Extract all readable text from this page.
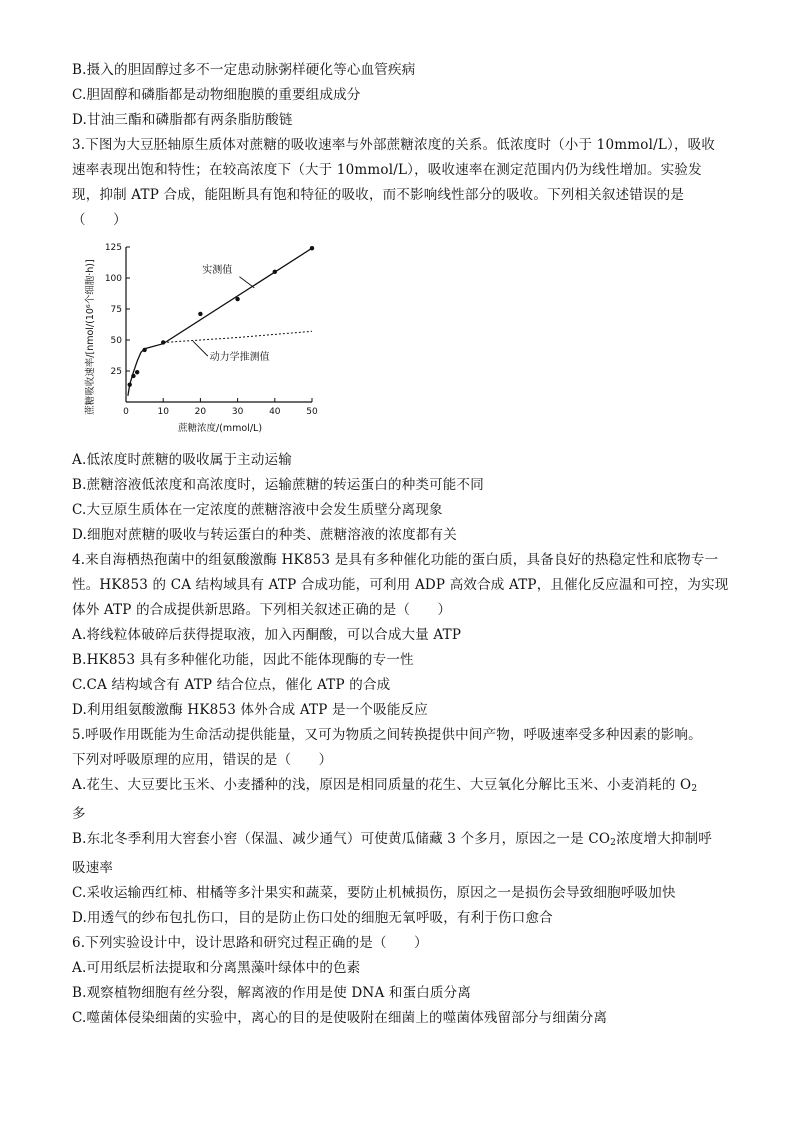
B.摄入的胆固醇过多不一定患动脉粥样硬化等心血管疾病
C.胆固醇和磷脂都是动物细胞膜的重要组成成分
D.甘油三酯和磷脂都有两条脂肪酸链
3.下图为大豆胚轴原生质体对蔗糖的吸收速率与外部蔗糖浓度的关系。低浓度时（小于 10mmol/L），吸收
速率表现出饱和特性；在较高浓度下（大于 10mmol/L），吸收速率在测定范围内仍为线性增加。实验发
现，抑制 ATP 合成，能阻断具有饱和特征的吸收，而不影响线性部分的吸收。下列相关叙述错误的是
（　　）
蔗糖吸收速率/[nmol/(10⁶个细胞·h)]
蔗糖浓度/(mmol/L)
0	10	20	30	40	50
25
50
75
100
125
实测值
动力学推测值
A.低浓度时蔗糖的吸收属于主动运输
B.蔗糖溶液低浓度和高浓度时，运输蔗糖的转运蛋白的种类可能不同
C.大豆原生质体在一定浓度的蔗糖溶液中会发生质壁分离现象
D.细胞对蔗糖的吸收与转运蛋白的种类、蔗糖溶液的浓度都有关
4.来自海栖热孢菌中的组氨酸激酶 HK853 是具有多种催化功能的蛋白质，具备良好的热稳定性和底物专一
性。HK853 的 CA 结构域具有 ATP 合成功能，可利用 ADP 高效合成 ATP，且催化反应温和可控，为实现
体外 ATP 的合成提供新思路。下列相关叙述正确的是（　　）
A.将线粒体破碎后获得提取液，加入丙酮酸，可以合成大量 ATP
B.HK853 具有多种催化功能，因此不能体现酶的专一性
C.CA 结构域含有 ATP 结合位点，催化 ATP 的合成
D.利用组氨酸激酶 HK853 体外合成 ATP 是一个吸能反应
5.呼吸作用既能为生命活动提供能量，又可为物质之间转换提供中间产物，呼吸速率受多种因素的影响。
下列对呼吸原理的应用，错误的是（　　）
A.花生、大豆要比玉米、小麦播种的浅，原因是相同质量的花生、大豆氧化分解比玉米、小麦消耗的 $O_2$
多
B.东北冬季利用大窖套小窖（保温、减少通气）可使黄瓜储藏 3 个多月，原因之一是 $CO_2$浓度增大抑制呼
吸速率
C.采收运输西红柿、柑橘等多汁果实和蔬菜，要防止机械损伤，原因之一是损伤会导致细胞呼吸加快
D.用透气的纱布包扎伤口，目的是防止伤口处的细胞无氧呼吸，有利于伤口愈合
6.下列实验设计中，设计思路和研究过程正确的是（　　）
A.可用纸层析法提取和分离黑藻叶绿体中的色素
B.观察植物细胞有丝分裂，解离液的作用是使 DNA 和蛋白质分离
C.噬菌体侵染细菌的实验中，离心的目的是使吸附在细菌上的噬菌体残留部分与细菌分离
